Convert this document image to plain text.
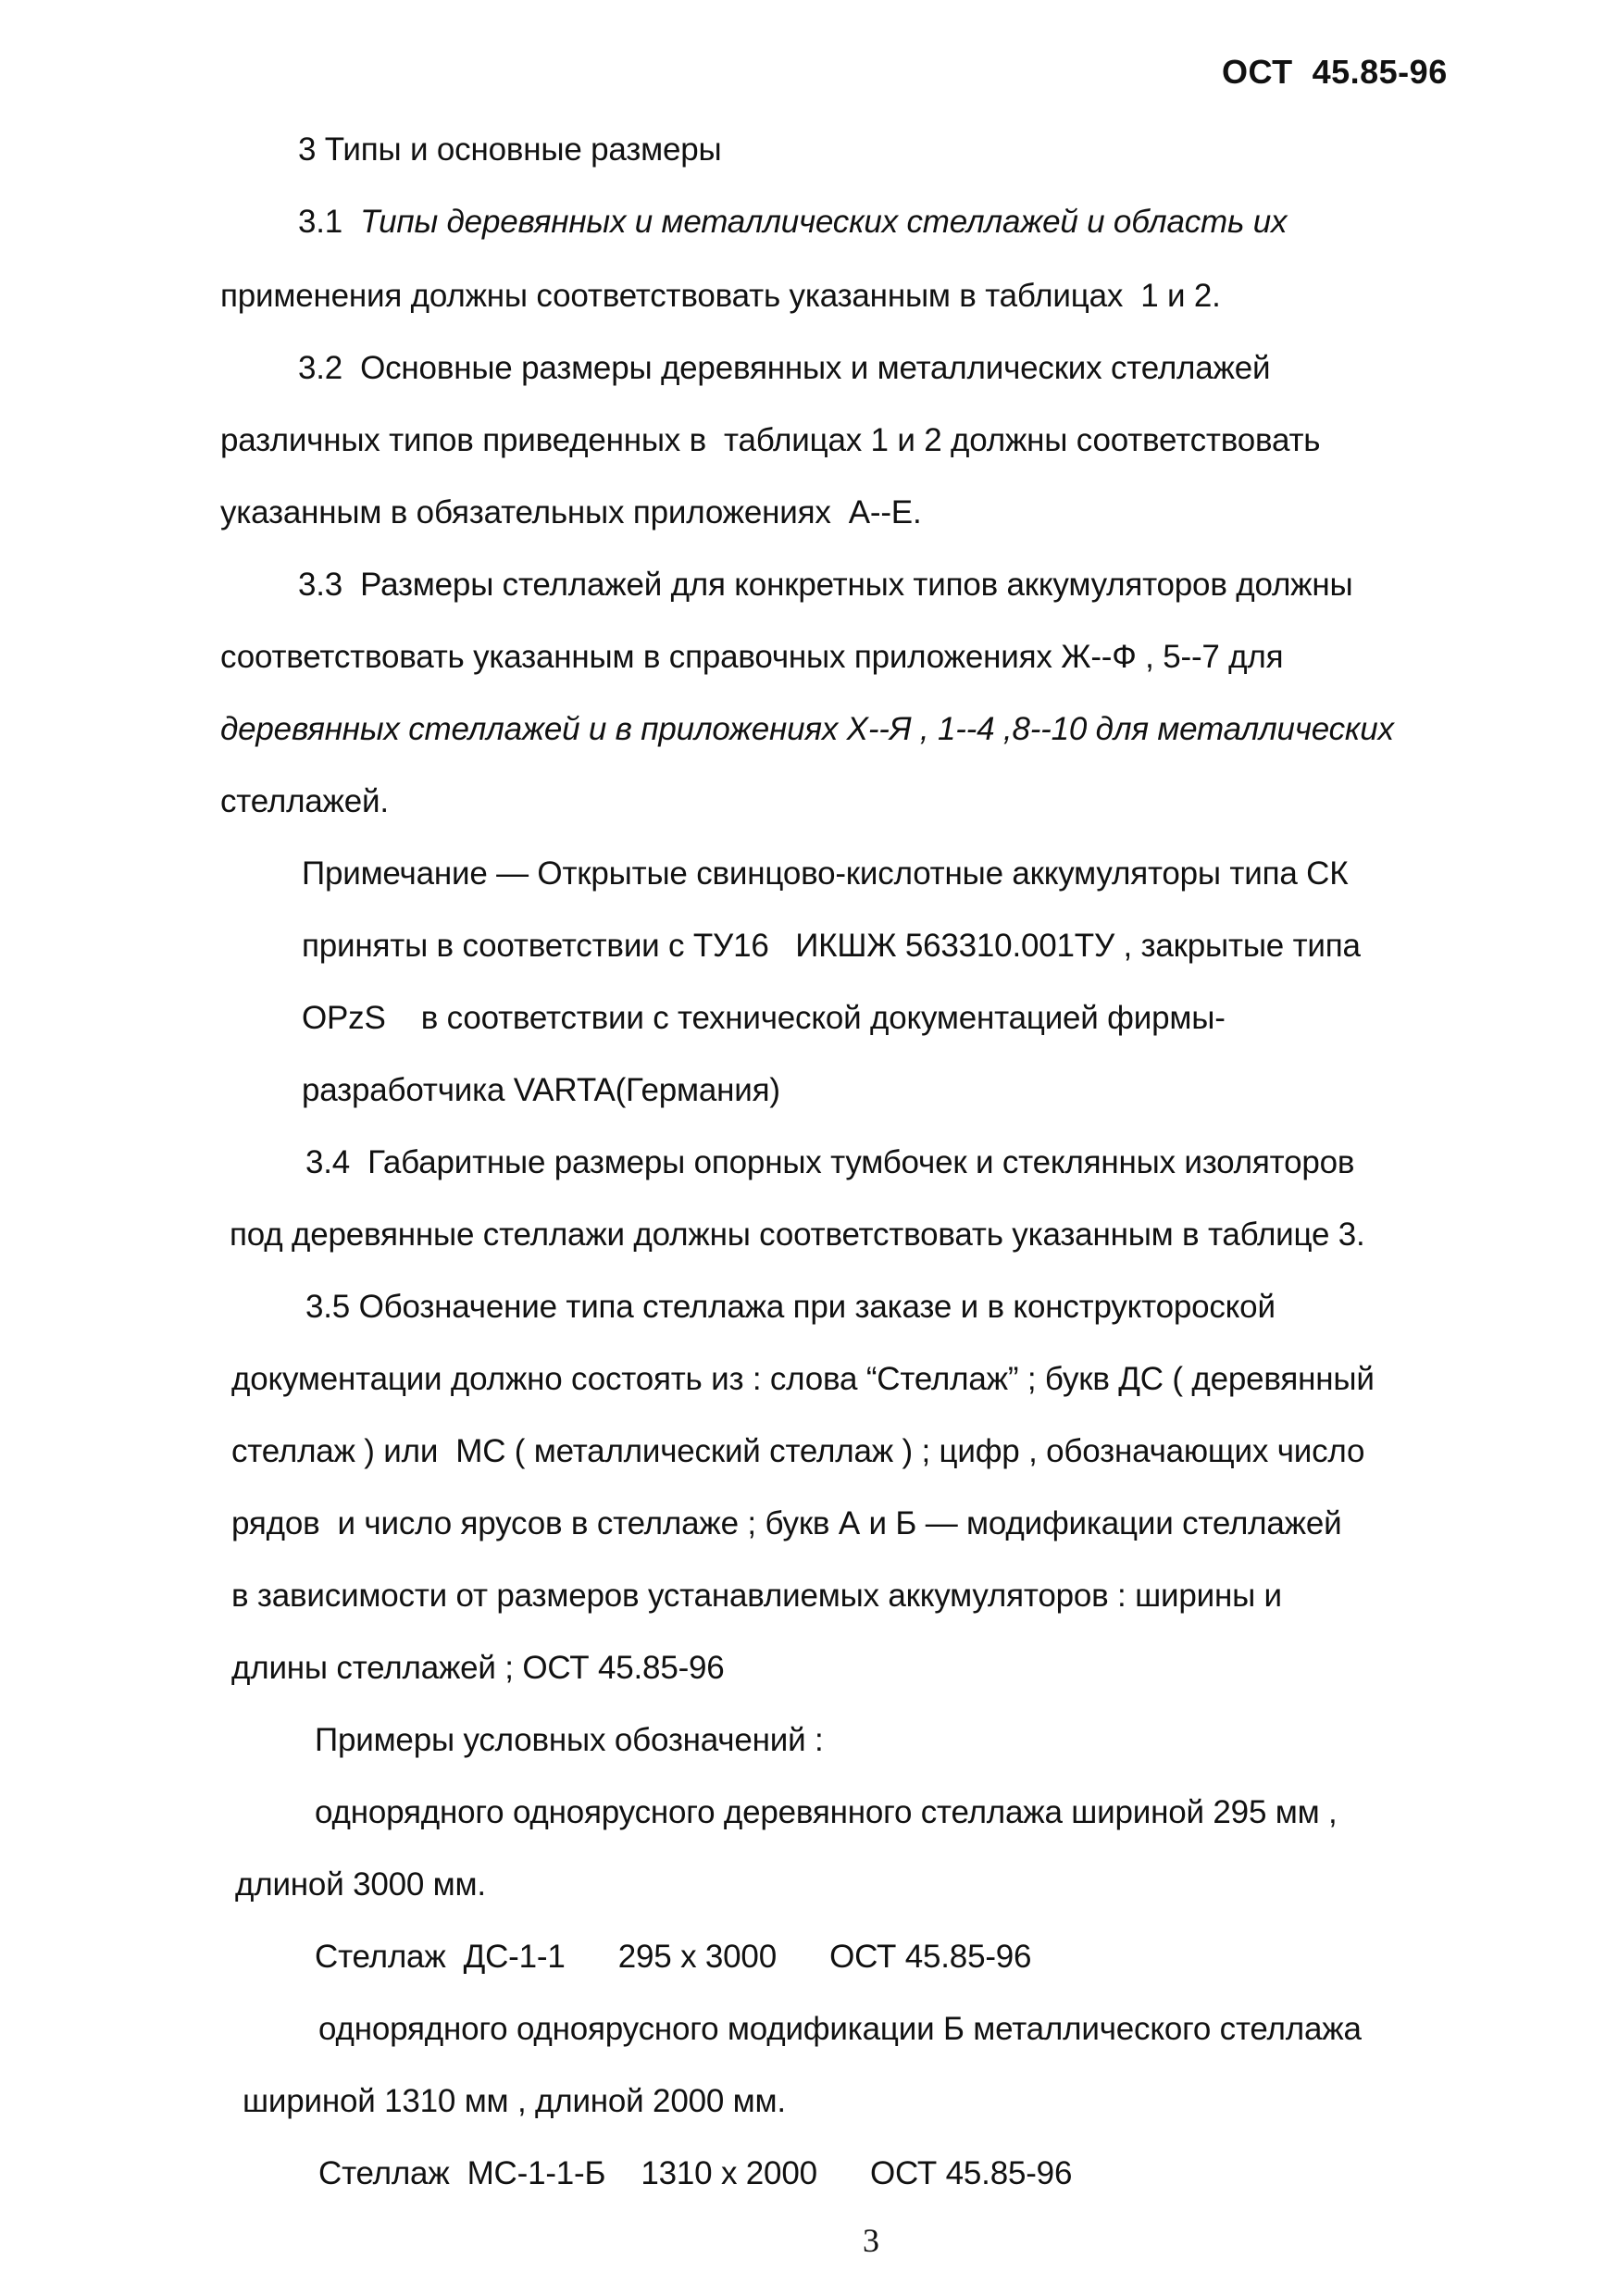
ОСТ  45.85-96
3 Типы и основные размеры
3.1  Типы деревянных и металлических стеллажей и область их
применения должны соответствовать указанным в таблицах  1 и 2.
3.2  Основные размеры деревянных и металлических стеллажей
различных типов приведенных в  таблицах 1 и 2 должны соответствовать
указанным в обязательных приложениях  А--Е.
3.3  Размеры стеллажей для конкретных типов аккумуляторов должны
соответствовать указанным в справочных приложениях Ж--Ф , 5--7 для
деревянных стеллажей и в приложениях Х--Я , 1--4 ,8--10 для металлических
стеллажей.
Примечание — Открытые свинцово-кислотные аккумуляторы типа СК
приняты в соответствии с ТУ16   ИКШЖ 563310.001ТУ , закрытые типа
OPzS    в соответствии с технической документацией фирмы-
разработчика VARTA(Германия)
3.4  Габаритные размеры опорных тумбочек и стеклянных изоляторов
под деревянные стеллажи должны соответствовать указанным в таблице 3.
3.5 Обозначение типа стеллажа при заказе и в конструктороской
документации должно состоять из : слова “Стеллаж” ; букв ДС ( деревянный
стеллаж ) или  МС ( металлический стеллаж ) ; цифр , обозначающих число
рядов  и число ярусов в стеллаже ; букв А и Б — модификации стеллажей
в зависимости от размеров устанавлиемых аккумуляторов : ширины и
длины стеллажей ; ОСТ 45.85-96
Примеры условных обозначений :
однорядного одноярусного деревянного стеллажа шириной 295 мм ,
длиной 3000 мм.
Стеллаж  ДС-1-1      295 х 3000      ОСТ 45.85-96
однорядного одноярусного модификации Б металлического стеллажа
шириной 1310 мм , длиной 2000 мм.
Стеллаж  МС-1-1-Б    1310 х 2000      ОСТ 45.85-96
3
